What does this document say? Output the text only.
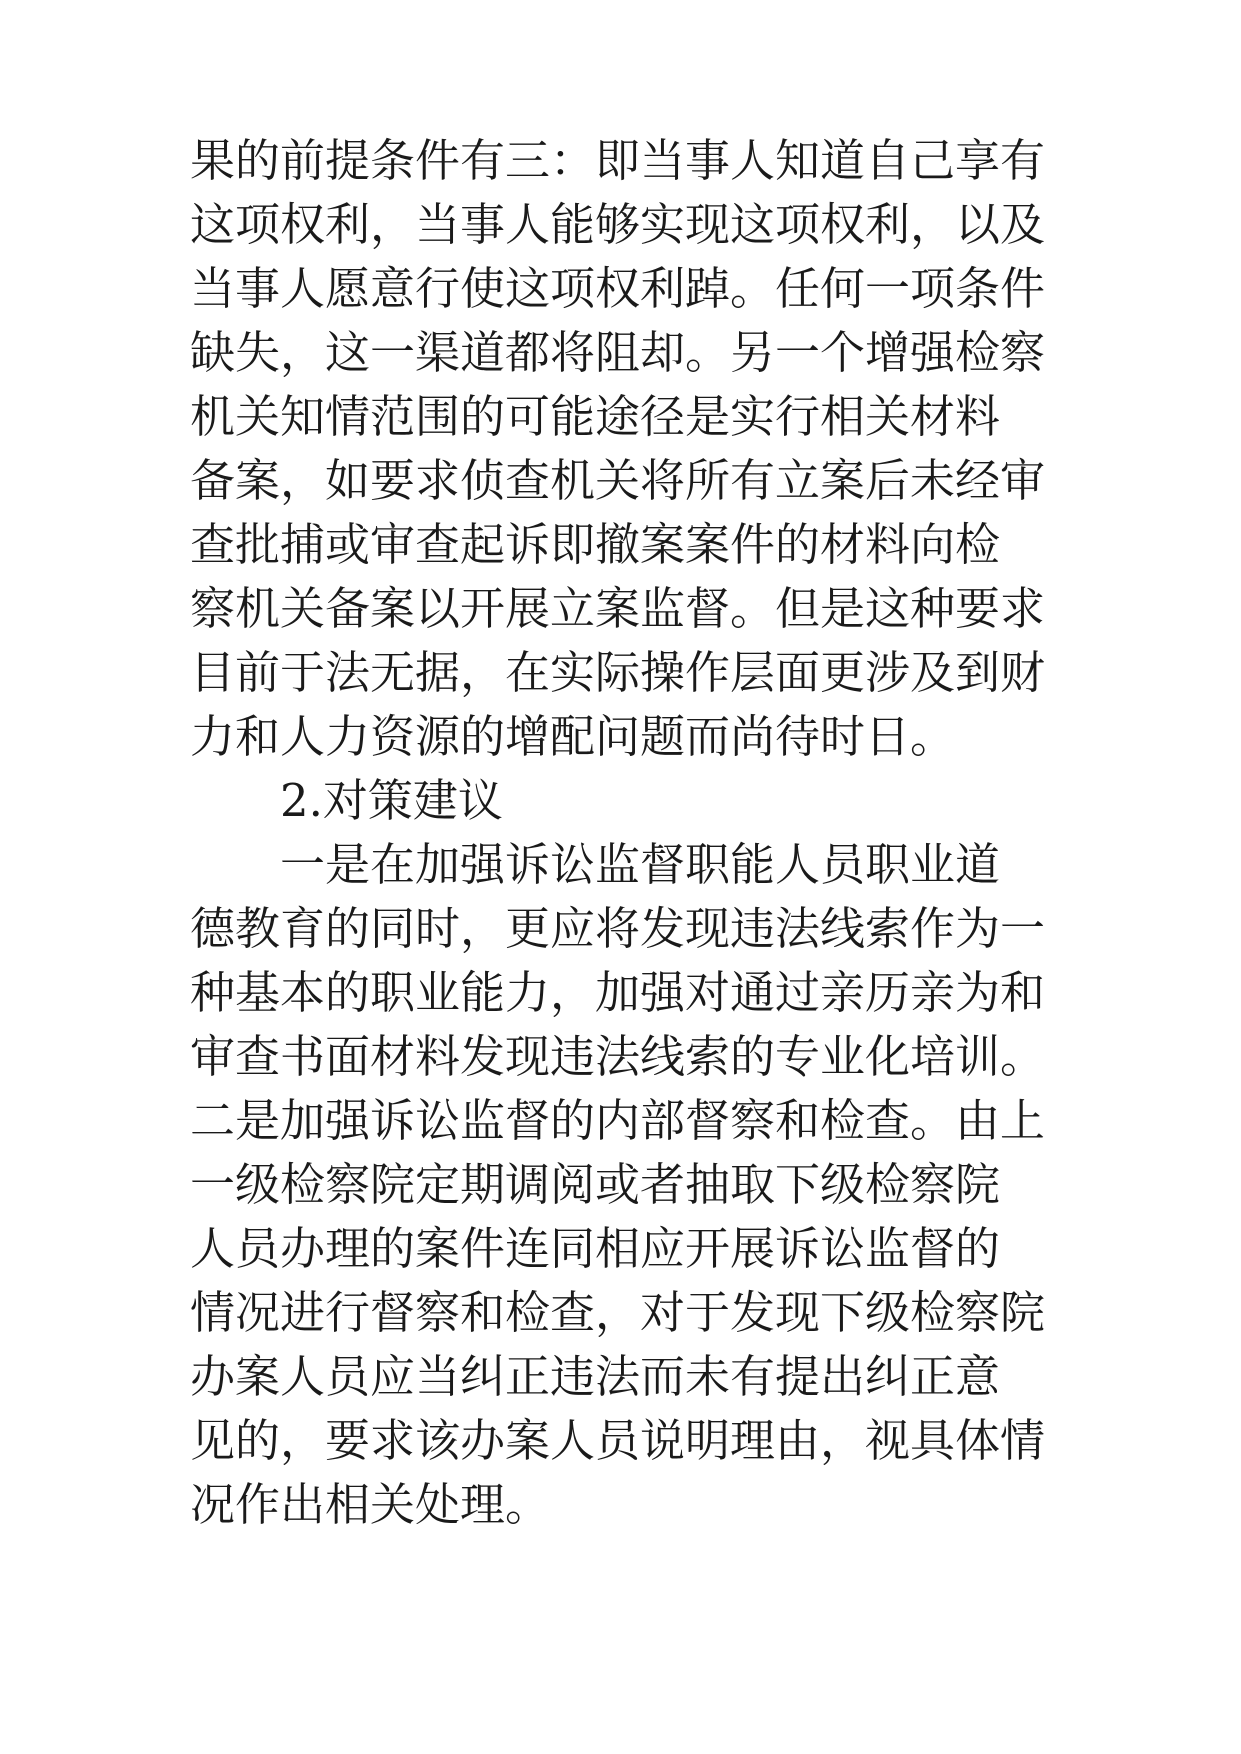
果的前提条件有三：即当事人知道自己享有

这项权利，当事人能够实现这项权利，以及

当事人愿意行使这项权利踔。任何一项条件

缺失，这一渠道都将阻却。另一个增强检察

机关知情范围的可能途径是实行相关材料

备案，如要求侦查机关将所有立案后未经审

查批捕或审查起诉即撤案案件的材料向检

察机关备案以开展立案监督。但是这种要求

目前于法无据，在实际操作层面更涉及到财

力和人力资源的增配问题而尚待时日。

2.对策建议

一是在加强诉讼监督职能人员职业道

德教育的同时，更应将发现违法线索作为一

种基本的职业能力，加强对通过亲历亲为和

审查书面材料发现违法线索的专业化培训。

二是加强诉讼监督的内部督察和检查。由上

一级检察院定期调阅或者抽取下级检察院

人员办理的案件连同相应开展诉讼监督的

情况进行督察和检查，对于发现下级检察院

办案人员应当纠正违法而未有提出纠正意

见的，要求该办案人员说明理由，视具体情

况作出相关处理。
